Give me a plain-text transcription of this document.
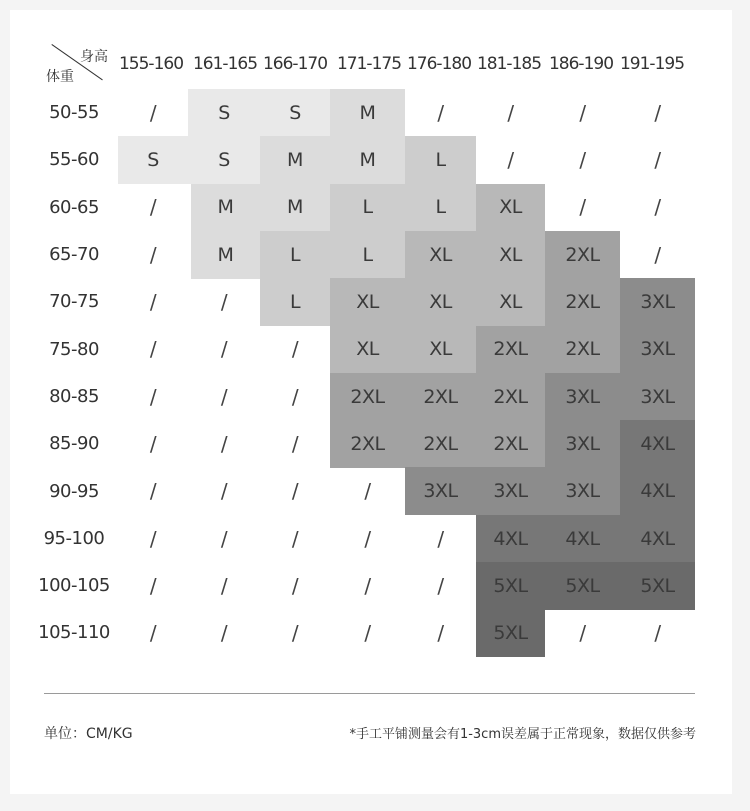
身高
体重
155-160 161-165 166-170 171-175 176-180 181-185 186-190 191-195
50-55	/	S	S	M	/	/	/	/
55-60	S	S	M	M	L	/	/	/
60-65	/	M	M	L	L	XL	/	/
65-70	/	M	L	L	XL	XL	2XL	/
70-75	/	/	L	XL	XL	XL	2XL	3XL
75-80	/	/	/	XL	XL	2XL	2XL	3XL
80-85	/	/	/	2XL	2XL	2XL	3XL	3XL
85-90	/	/	/	2XL	2XL	2XL	3XL	4XL
90-95	/	/	/	/	3XL	3XL	3XL	4XL
95-100	/	/	/	/	/	4XL	4XL	4XL
100-105	/	/	/	/	/	5XL	5XL	5XL
105-110	/	/	/	/	/	5XL	/	/
单位：CM/KG	*手工平铺测量会有1-3cm误差属于正常现象，数据仅供参考
